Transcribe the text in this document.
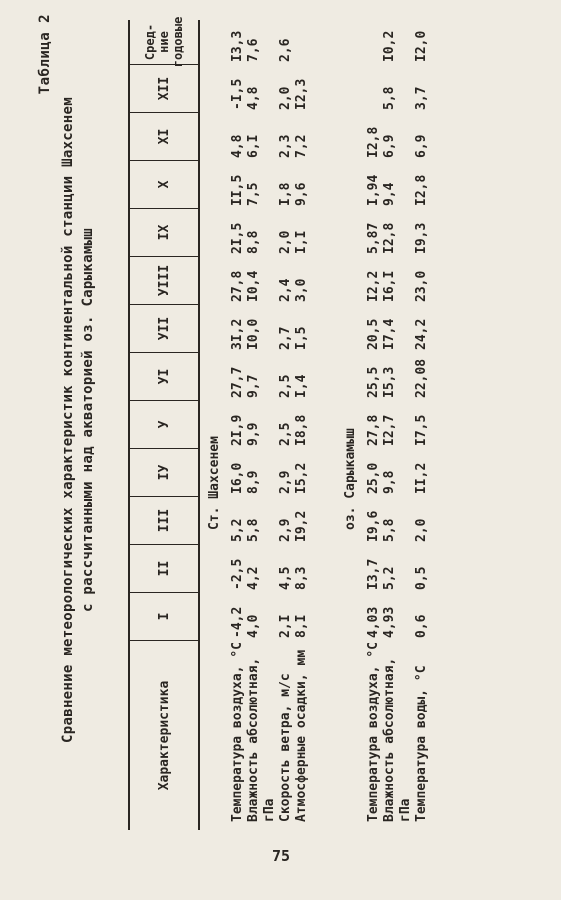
Таблица 2
Сравнение метеорологических характеристик континентальной станции Шахсенем с рассчитанными над акваторией оз. Сарыкамыш
Характеристика
I
II
III
IУ
У
УI
УII
УIII
IХ
Х
ХI
ХII
Сред-
ние
годовые
Ст. Шахсенем
Температура воздуха, °С
-4,2
-2,5
5,2
I6,0
2I,9
27,7
3I,2
27,8
2I,5
II,5
4,8
-I,5
I3,3
Влажность абсолютная,
гПа
4,0
4,2
5,8
8,9
9,9
9,7
I0,0
I0,4
8,8
7,5
6,I
4,8
7,6
Скорость ветра, м/с
2,I
4,5
2,9
2,9
2,5
2,5
2,7
2,4
2,0
I,8
2,3
2,0
2,6
Атмосферные осадки, мм
8,I
8,3
I9,2
I5,2
I8,8
I,4
I,5
3,0
I,I
9,6
7,2
I2,3
оз. Сарыкамыш
Температура воздуха, °С
4,03
I3,7
I9,6
25,0
27,8
25,5
20,5
I2,2
5,87
I,94
I2,8
Влажность абсолютная,
гПа
4,93
5,2
5,8
9,8
I2,7
I5,3
I7,4
I6,I
I2,8
9,4
6,9
5,8
I0,2
Температура воды, °С
0,6
0,5
2,0
II,2
I7,5
22,08
24,2
23,0
I9,3
I2,8
6,9
3,7
I2,0
75
